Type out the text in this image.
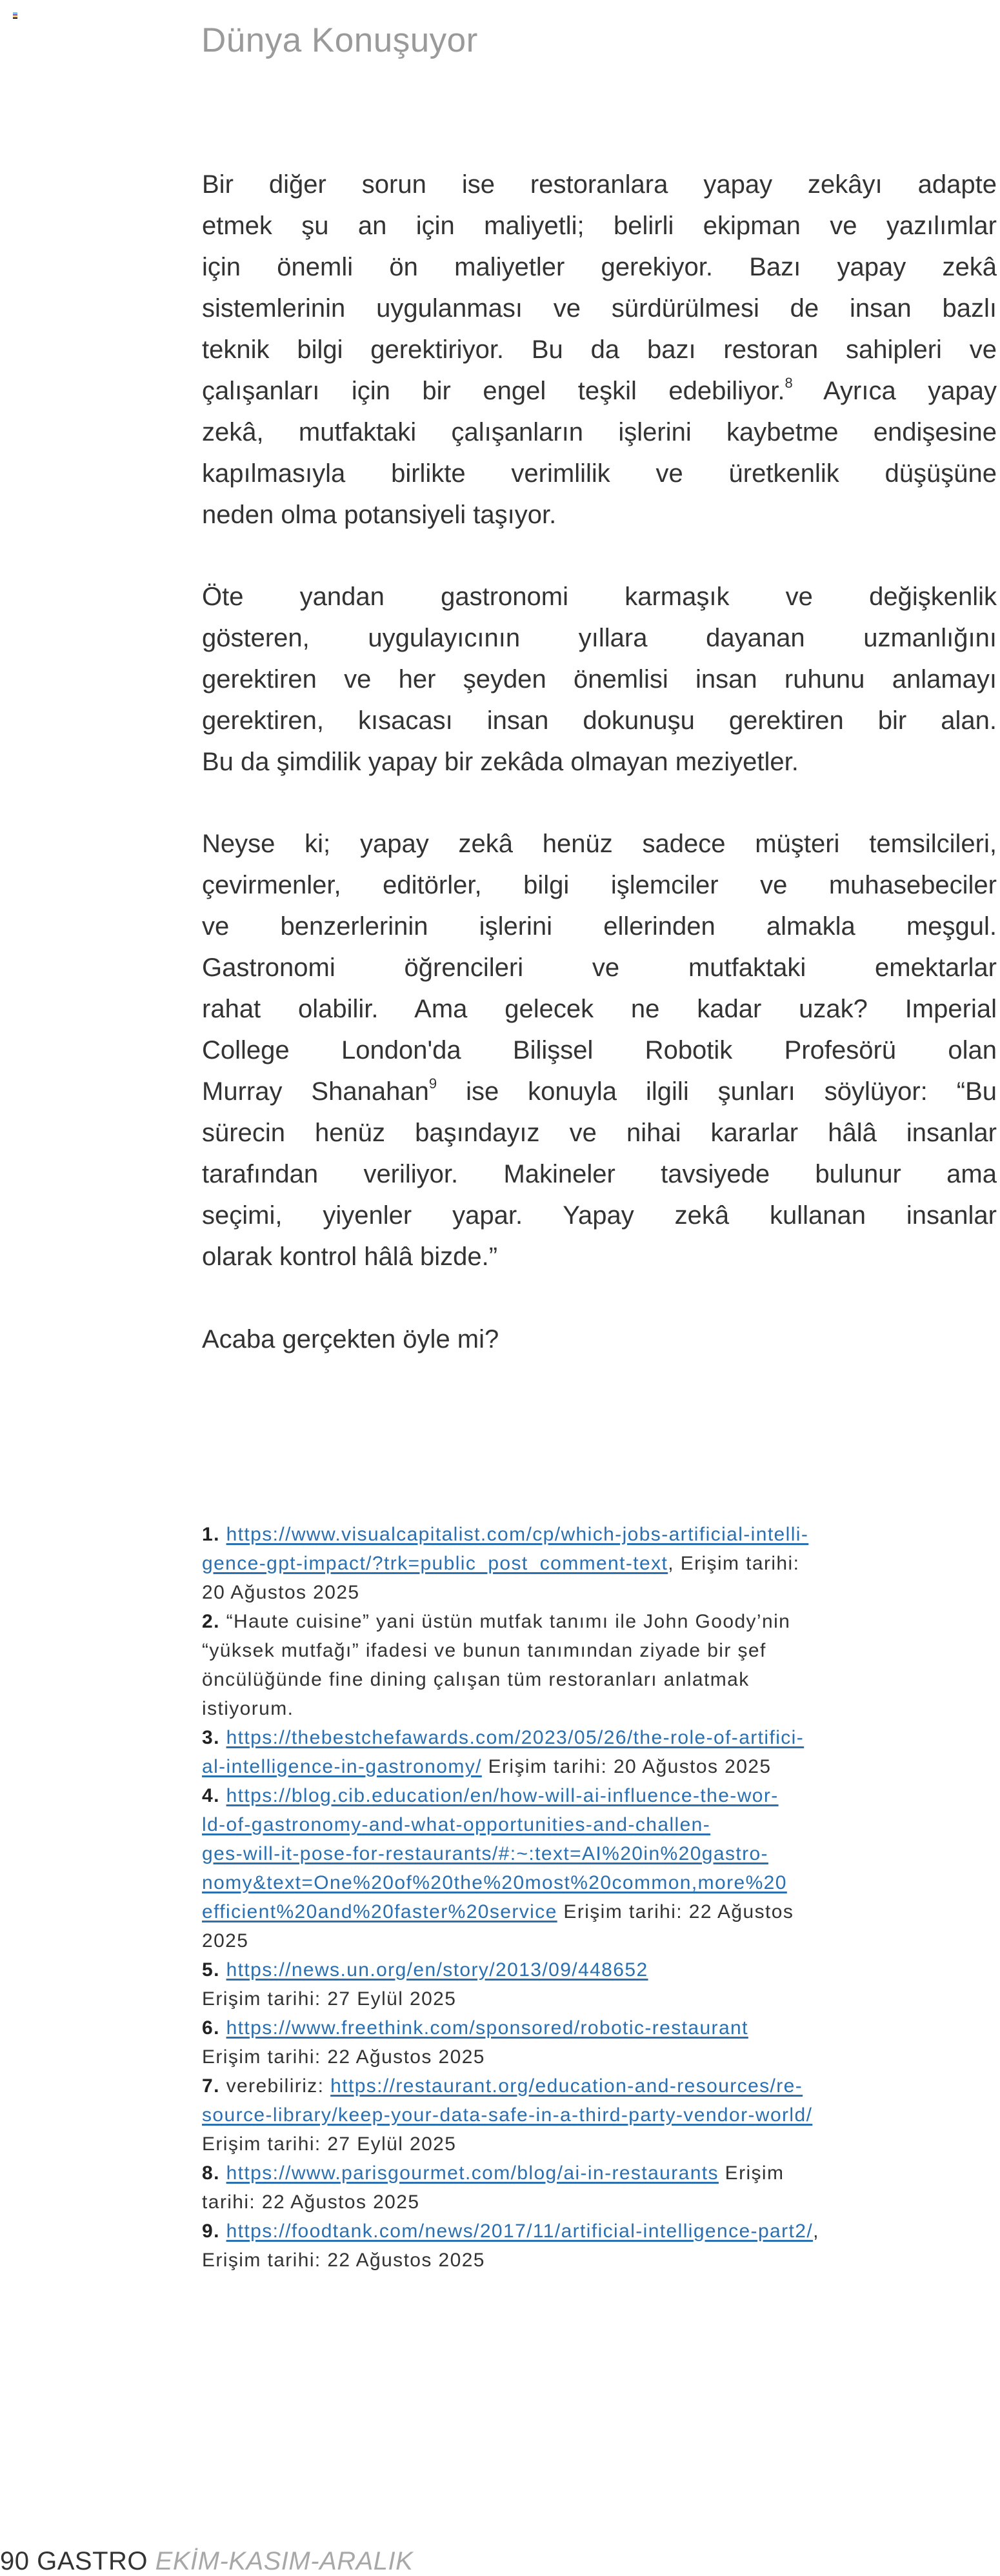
Dünya Konuşuyor
Bir diğer sorun ise restoranlara yapay zekâyı adapte
etmek şu an için maliyetli; belirli ekipman ve yazılımlar
için önemli ön maliyetler gerekiyor. Bazı yapay zekâ
sistemlerinin uygulanması ve sürdürülmesi de insan bazlı
teknik bilgi gerektiriyor. Bu da bazı restoran sahipleri ve
çalışanları için bir engel teşkil edebiliyor.$^8$ Ayrıca yapay
zekâ, mutfaktaki çalışanların işlerini kaybetme endişesine
kapılmasıyla birlikte verimlilik ve üretkenlik düşüşüne
neden olma potansiyeli taşıyor.
Öte yandan gastronomi karmaşık ve değişkenlik
gösteren, uygulayıcının yıllara dayanan uzmanlığını
gerektiren ve her şeyden önemlisi insan ruhunu anlamayı
gerektiren, kısacası insan dokunuşu gerektiren bir alan.
Bu da şimdilik yapay bir zekâda olmayan meziyetler.
Neyse ki; yapay zekâ henüz sadece müşteri temsilcileri,
çevirmenler, editörler, bilgi işlemciler ve muhasebeciler
ve benzerlerinin işlerini ellerinden almakla meşgul.
Gastronomi öğrencileri ve mutfaktaki emektarlar
rahat olabilir. Ama gelecek ne kadar uzak? Imperial
College London'da Bilişsel Robotik Profesörü olan
Murray Shanahan$^9$ ise konuyla ilgili şunları söylüyor: “Bu
sürecin henüz başındayız ve nihai kararlar hâlâ insanlar
tarafından veriliyor. Makineler tavsiyede bulunur ama
seçimi, yiyenler yapar. Yapay zekâ kullanan insanlar
olarak kontrol hâlâ bizde.”
Acaba gerçekten öyle mi?
1. https://www.visualcapitalist.com/cp/which-jobs-artificial-intelli-
gence-gpt-impact/?trk=public_post_comment-text, Erişim tarihi:
20 Ağustos 2025
2. “Haute cuisine” yani üstün mutfak tanımı ile John Goody’nin
“yüksek mutfağı” ifadesi ve bunun tanımından ziyade bir şef
öncülüğünde fine dining çalışan tüm restoranları anlatmak
istiyorum.
3. https://thebestchefawards.com/2023/05/26/the-role-of-artifici-
al-intelligence-in-gastronomy/ Erişim tarihi: 20 Ağustos 2025
4. https://blog.cib.education/en/how-will-ai-influence-the-wor-
ld-of-gastronomy-and-what-opportunities-and-challen-
ges-will-it-pose-for-restaurants/#:~:text=AI%20in%20gastro-
nomy&text=One%20of%20the%20most%20common,more%20
efficient%20and%20faster%20service Erişim tarihi: 22 Ağustos
2025
5. https://news.un.org/en/story/2013/09/448652
Erişim tarihi: 27 Eylül 2025
6. https://www.freethink.com/sponsored/robotic-restaurant
Erişim tarihi: 22 Ağustos 2025
7. verebiliriz: https://restaurant.org/education-and-resources/re-
source-library/keep-your-data-safe-in-a-third-party-vendor-world/
Erişim tarihi: 27 Eylül 2025
8. https://www.parisgourmet.com/blog/ai-in-restaurants Erişim
tarihi: 22 Ağustos 2025
9. https://foodtank.com/news/2017/11/artificial-intelligence-part2/,
Erişim tarihi: 22 Ağustos 2025
90 GASTRO EKİM-KASIM-ARALIK
